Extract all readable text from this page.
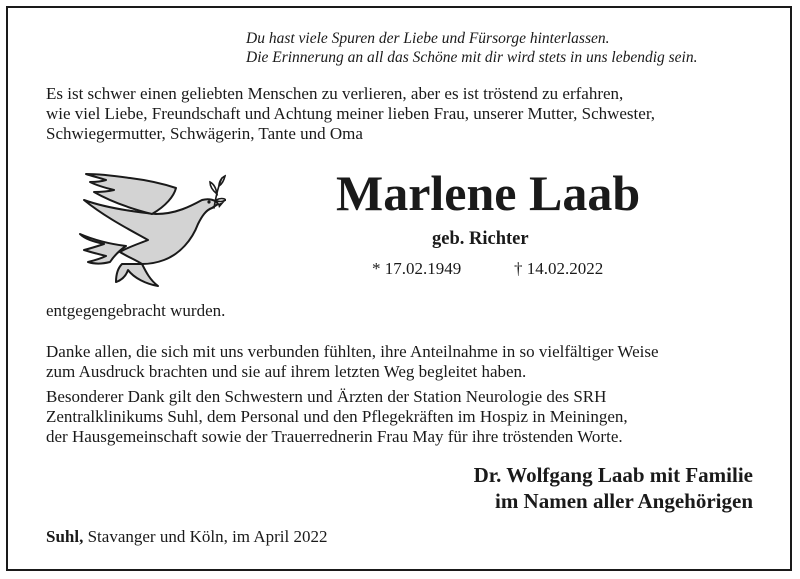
Du hast viele Spuren der Liebe und Fürsorge hinterlassen.
Die Erinnerung an all das Schöne mit dir wird stets in uns lebendig sein.
Es ist schwer einen geliebten Menschen zu verlieren, aber es ist tröstend zu erfahren,
wie viel Liebe, Freundschaft und Achtung meiner lieben Frau, unserer Mutter, Schwester,
Schwiegermutter, Schwägerin, Tante und Oma
Marlene Laab
geb. Richter
* 17.02.1949	† 14.02.2022
entgegengebracht wurden.
Danke allen, die sich mit uns verbunden fühlten, ihre Anteilnahme in so vielfältiger Weise
zum Ausdruck brachten und sie auf ihrem letzten Weg begleitet haben.
Besonderer Dank gilt den Schwestern und Ärzten der Station Neurologie des SRH
Zentralklinikums Suhl, dem Personal und den Pflegekräften im Hospiz in Meiningen,
der Hausgemeinschaft sowie der Trauerrednerin Frau May für ihre tröstenden Worte.
Dr. Wolfgang Laab mit Familie
im Namen aller Angehörigen
Suhl, Stavanger und Köln, im April 2022
